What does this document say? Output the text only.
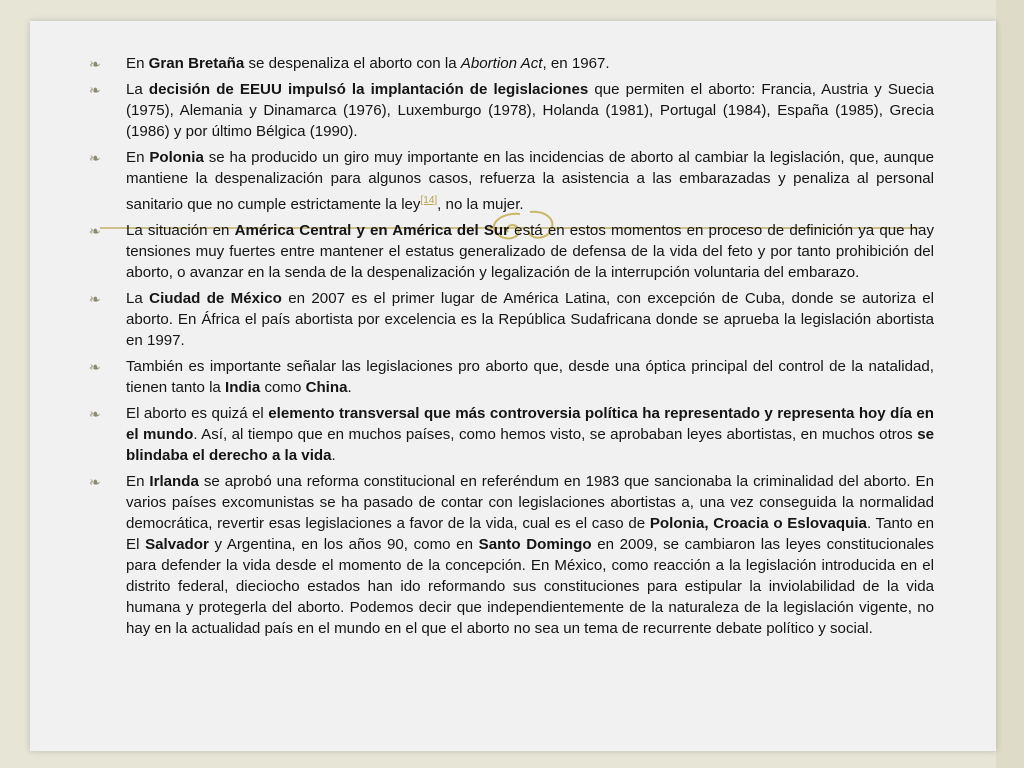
❧ En Gran Bretaña se despenaliza el aborto con la Abortion Act, en 1967.
❧ La decisión de EEUU impulsó la implantación de legislaciones que permiten el aborto: Francia, Austria y Suecia (1975), Alemania y Dinamarca (1976), Luxemburgo (1978), Holanda (1981), Portugal (1984), España (1985), Grecia (1986) y por último Bélgica (1990).
❧ En Polonia se ha producido un giro muy importante en las incidencias de aborto al cambiar la legislación, que, aunque mantiene la despenalización para algunos casos, refuerza la asistencia a las embarazadas y penaliza al personal sanitario que no cumple estrictamente la ley[14], no la mujer.
❧ La situación en América Central y en América del Sur está en estos momentos en proceso de definición ya que hay tensiones muy fuertes entre mantener el estatus generalizado de defensa de la vida del feto y por tanto prohibición del aborto, o avanzar en la senda de la despenalización y legalización de la interrupción voluntaria del embarazo.
❧ La Ciudad de México en 2007 es el primer lugar de América Latina, con excepción de Cuba, donde se autoriza el aborto. En África el país abortista por excelencia es la República Sudafricana donde se aprueba la legislación abortista en 1997.
❧ También es importante señalar las legislaciones pro aborto que, desde una óptica principal del control de la natalidad, tienen tanto la India como China.
❧ El aborto es quizá el elemento transversal que más controversia política ha representado y representa hoy día en el mundo. Así, al tiempo que en muchos países, como hemos visto, se aprobaban leyes abortistas, en muchos otros se blindaba el derecho a la vida.
❧ En Irlanda se aprobó una reforma constitucional en referéndum en 1983 que sancionaba la criminalidad del aborto. En varios países excomunistas se ha pasado de contar con legislaciones abortistas a, una vez conseguida la normalidad democrática, revertir esas legislaciones a favor de la vida, cual es el caso de Polonia, Croacia o Eslovaquia. Tanto en El Salvador y Argentina, en los años 90, como en Santo Domingo en 2009, se cambiaron las leyes constitucionales para defender la vida desde el momento de la concepción. En México, como reacción a la legislación introducida en el distrito federal, dieciocho estados han ido reformando sus constituciones para estipular la inviolabilidad de la vida humana y protegerla del aborto. Podemos decir que independientemente de la naturaleza de la legislación vigente, no hay en la actualidad país en el mundo en el que el aborto no sea un tema de recurrente debate político y social.
